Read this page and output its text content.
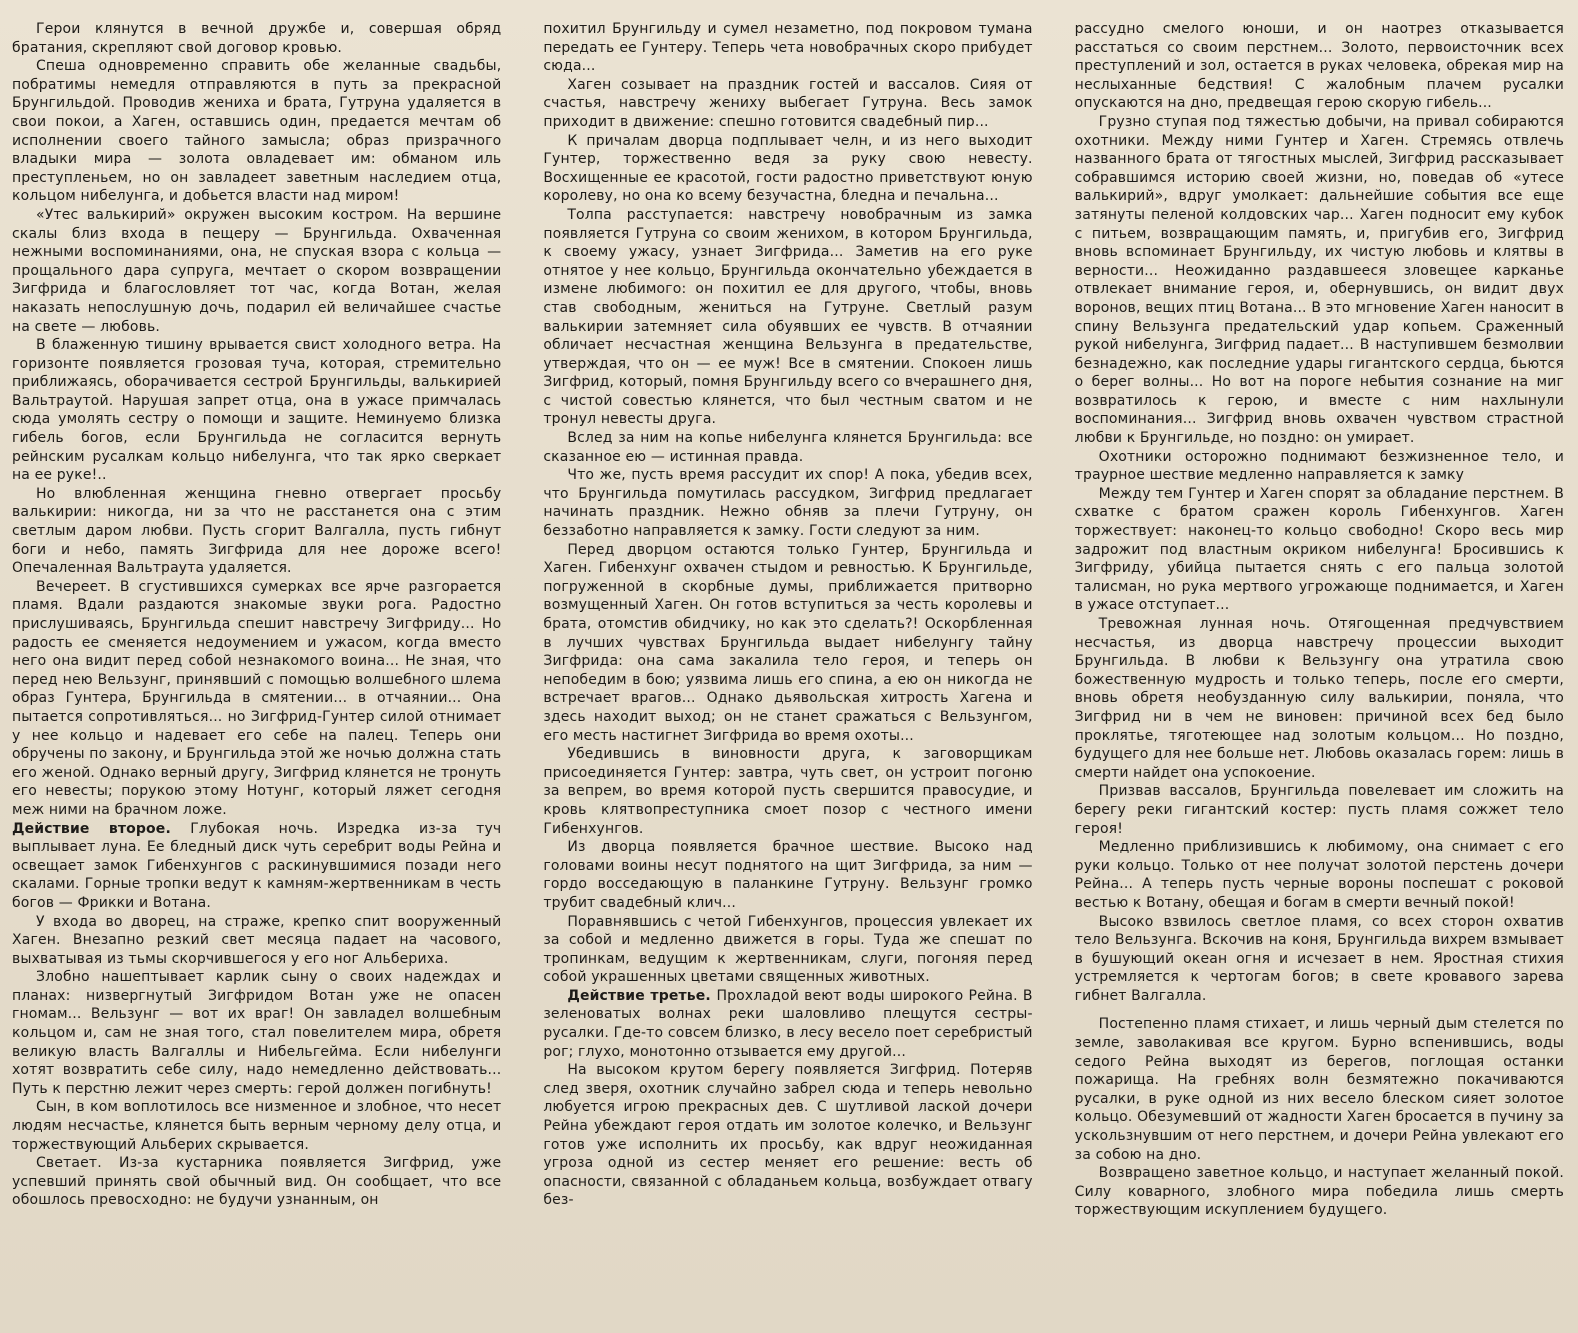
Герои клянутся в вечной дружбе и, совершая обряд братания, скрепляют свой договор кровью.

Спеша одновременно справить обе желанные свадьбы, побратимы немедля отправляются в путь за прекрасной Брунгильдой. Проводив жениха и брата, Гутруна удаляется в свои покои, а Хаген, оставшись один, предается мечтам об исполнении своего тайного замысла; образ призрачного владыки мира — золота овладевает им: обманом иль преступленьем, но он завладеет заветным наследием отца, кольцом нибелунга, и добьется власти над миром!

«Утес валькирий» окружен высоким костром. На вершине скалы близ входа в пещеру — Брунгильда. Охваченная нежными воспоминаниями, она, не спуская взора с кольца — прощального дара супруга, мечтает о скором возвращении Зигфрида и благословляет тот час, когда Вотан, желая наказать непослушную дочь, подарил ей величайшее счастье на свете — любовь.

В блаженную тишину врывается свист холодного ветра. На горизонте появляется грозовая туча, которая, стремительно приближаясь, оборачивается сестрой Брунгильды, валькирией Вальтраутой. Нарушая запрет отца, она в ужасе примчалась сюда умолять сестру о помощи и защите. Неминуемо близка гибель богов, если Брунгильда не согласится вернуть рейнским русалкам кольцо нибелунга, что так ярко сверкает на ее руке!..

Но влюбленная женщина гневно отвергает просьбу валькирии: никогда, ни за что не расстанется она с этим светлым даром любви. Пусть сгорит Валгалла, пусть гибнут боги и небо, память Зигфрида для нее дороже всего! Опечаленная Вальтраута удаляется.

Вечереет. В сгустившихся сумерках все ярче разгорается пламя. Вдали раздаются знакомые звуки рога. Радостно прислушиваясь, Брунгильда спешит навстречу Зигфриду... Но радость ее сменяется недоумением и ужасом, когда вместо него она видит перед собой незнакомого воина... Не зная, что перед нею Вельзунг, принявший с помощью волшебного шлема образ Гунтера, Брунгильда в смятении... в отчаянии... Она пытается сопротивляться... но Зигфрид-Гунтер силой отнимает у нее кольцо и надевает его себе на палец. Теперь они обручены по закону, и Брунгильда этой же ночью должна стать его женой. Однако верный другу, Зигфрид клянется не тронуть его невесты; порукою этому Нотунг, который ляжет сегодня меж ними на брачном ложе.

Действие второе. Глубокая ночь. Изредка из-за туч выплывает луна. Ее бледный диск чуть серебрит воды Рейна и освещает замок Гибенхунгов с раскинувшимися позади него скалами. Горные тропки ведут к камням-жертвенникам в честь богов — Фрикки и Вотана.

У входа во дворец, на страже, крепко спит вооруженный Хаген. Внезапно резкий свет месяца падает на часового, выхватывая из тьмы скорчившегося у его ног Альбериха.

Злобно нашептывает карлик сыну о своих надеждах и планах: низвергнутый Зигфридом Вотан уже не опасен гномам... Вельзунг — вот их враг! Он завладел волшебным кольцом и, сам не зная того, стал повелителем мира, обретя великую власть Валгаллы и Нибельгейма. Если нибелунги хотят возвратить себе силу, надо немедленно действовать... Путь к перстню лежит через смерть: герой должен погибнуть!

Сын, в ком воплотилось все низменное и злобное, что несет людям несчастье, клянется быть верным черному делу отца, и торжествующий Альберих скрывается.

Светает. Из-за кустарника появляется Зигфрид, уже успевший принять свой обычный вид. Он сообщает, что все обошлось превосходно: не будучи узнанным, он

похитил Брунгильду и сумел незаметно, под покровом тумана передать ее Гунтеру. Теперь чета новобрачных скоро прибудет сюда...

Хаген созывает на праздник гостей и вассалов. Сияя от счастья, навстречу жениху выбегает Гутруна. Весь замок приходит в движение: спешно готовится свадебный пир...

К причалам дворца подплывает челн, и из него выходит Гунтер, торжественно ведя за руку свою невесту. Восхищенные ее красотой, гости радостно приветствуют юную королеву, но она ко всему безучастна, бледна и печальна...

Толпа расступается: навстречу новобрачным из замка появляется Гутруна со своим женихом, в котором Брунгильда, к своему ужасу, узнает Зигфрида... Заметив на его руке отнятое у нее кольцо, Брунгильда окончательно убеждается в измене любимого: он похитил ее для другого, чтобы, вновь став свободным, жениться на Гутруне. Светлый разум валькирии затемняет сила обуявших ее чувств. В отчаянии обличает несчастная женщина Вельзунга в предательстве, утверждая, что он — ее муж! Все в смятении. Спокоен лишь Зигфрид, который, помня Брунгильду всего со вчерашнего дня, с чистой совестью клянется, что был честным сватом и не тронул невесты друга.

Вслед за ним на копье нибелунга клянется Брунгильда: все сказанное ею — истинная правда.

Что же, пусть время рассудит их спор! А пока, убедив всех, что Брунгильда помутилась рассудком, Зигфрид предлагает начинать праздник. Нежно обняв за плечи Гутруну, он беззаботно направляется к замку. Гости следуют за ним.

Перед дворцом остаются только Гунтер, Брунгильда и Хаген. Гибенхунг охвачен стыдом и ревностью. К Брунгильде, погруженной в скорбные думы, приближается притворно возмущенный Хаген. Он готов вступиться за честь королевы и брата, отомстив обидчику, но как это сделать?! Оскорбленная в лучших чувствах Брунгильда выдает нибелунгу тайну Зигфрида: она сама закалила тело героя, и теперь он непобедим в бою; уязвима лишь его спина, а ею он никогда не встречает врагов... Однако дьявольская хитрость Хагена и здесь находит выход; он не станет сражаться с Вельзунгом, его месть настигнет Зигфрида во время охоты...

Убедившись в виновности друга, к заговорщикам присоединяется Гунтер: завтра, чуть свет, он устроит погоню за вепрем, во время которой пусть свершится правосудие, и кровь клятвопреступника смоет позор с честного имени Гибенхунгов.

Из дворца появляется брачное шествие. Высоко над головами воины несут поднятого на щит Зигфрида, за ним — гордо восседающую в паланкине Гутруну. Вельзунг громко трубит свадебный клич...

Поравнявшись с четой Гибенхунгов, процессия увлекает их за собой и медленно движется в горы. Туда же спешат по тропинкам, ведущим к жертвенникам, слуги, погоняя перед собой украшенных цветами священных животных.

Действие третье. Прохладой веют воды широкого Рейна. В зеленоватых волнах реки шаловливо плещутся сестры-русалки. Где-то совсем близко, в лесу весело поет серебристый рог; глухо, монотонно отзывается ему другой...

На высоком крутом берегу появляется Зигфрид. Потеряв след зверя, охотник случайно забрел сюда и теперь невольно любуется игрою прекрасных дев. С шутливой лаской дочери Рейна убеждают героя отдать им золотое колечко, и Вельзунг готов уже исполнить их просьбу, как вдруг неожиданная угроза одной из сестер меняет его решение: весть об опасности, связанной с обладаньем кольца, возбуждает отвагу без-

рассудно смелого юноши, и он наотрез отказывается расстаться со своим перстнем... Золото, первоисточник всех преступлений и зол, остается в руках человека, обрекая мир на неслыханные бедствия! С жалобным плачем русалки опускаются на дно, предвещая герою скорую гибель...

Грузно ступая под тяжестью добычи, на привал собираются охотники. Между ними Гунтер и Хаген. Стремясь отвлечь названного брата от тягостных мыслей, Зигфрид рассказывает собравшимся историю своей жизни, но, поведав об «утесе валькирий», вдруг умолкает: дальнейшие события все еще затянуты пеленой колдовских чар... Хаген подносит ему кубок с питьем, возвращающим память, и, пригубив его, Зигфрид вновь вспоминает Брунгильду, их чистую любовь и клятвы в верности... Неожиданно раздавшееся зловещее карканье отвлекает внимание героя, и, обернувшись, он видит двух воронов, вещих птиц Вотана... В это мгновение Хаген наносит в спину Вельзунга предательский удар копьем. Сраженный рукой нибелунга, Зигфрид падает... В наступившем безмолвии безнадежно, как последние удары гигантского сердца, бьются о берег волны... Но вот на пороге небытия сознание на миг возвратилось к герою, и вместе с ним нахлынули воспоминания... Зигфрид вновь охвачен чувством страстной любви к Брунгильде, но поздно: он умирает.

Охотники осторожно поднимают безжизненное тело, и траурное шествие медленно направляется к замку

Между тем Гунтер и Хаген спорят за обладание перстнем. В схватке с братом сражен король Гибенхунгов. Хаген торжествует: наконец-то кольцо свободно! Скоро весь мир задрожит под властным окриком нибелунга! Бросившись к Зигфриду, убийца пытается снять с его пальца золотой талисман, но рука мертвого угрожающе поднимается, и Хаген в ужасе отступает...

Тревожная лунная ночь. Отягощенная предчувствием несчастья, из дворца навстречу процессии выходит Брунгильда. В любви к Вельзунгу она утратила свою божественную мудрость и только теперь, после его смерти, вновь обретя необузданную силу валькирии, поняла, что Зигфрид ни в чем не виновен: причиной всех бед было проклятье, тяготеющее над золотым кольцом... Но поздно, будущего для нее больше нет. Любовь оказалась горем: лишь в смерти найдет она успокоение.

Призвав вассалов, Брунгильда повелевает им сложить на берегу реки гигантский костер: пусть пламя сожжет тело героя!

Медленно приблизившись к любимому, она снимает с его руки кольцо. Только от нее получат золотой перстень дочери Рейна... А теперь пусть черные вороны поспешат с роковой вестью к Вотану, обещая и богам в смерти вечный покой!

Высоко взвилось светлое пламя, со всех сторон охватив тело Вельзунга. Вскочив на коня, Брунгильда вихрем взмывает в бушующий океан огня и исчезает в нем. Яростная стихия устремляется к чертогам богов; в свете кровавого зарева гибнет Валгалла.

Постепенно пламя стихает, и лишь черный дым стелется по земле, заволакивая все кругом. Бурно вспенившись, воды седого Рейна выходят из берегов, поглощая останки пожарища. На гребнях волн безмятежно покачиваются русалки, в руке одной из них весело блеском сияет золотое кольцо. Обезумевший от жадности Хаген бросается в пучину за ускользнувшим от него перстнем, и дочери Рейна увлекают его за собою на дно.

Возвращено заветное кольцо, и наступает желанный покой. Силу коварного, злобного мира победила лишь смерть торжествующим искуплением будущего.
